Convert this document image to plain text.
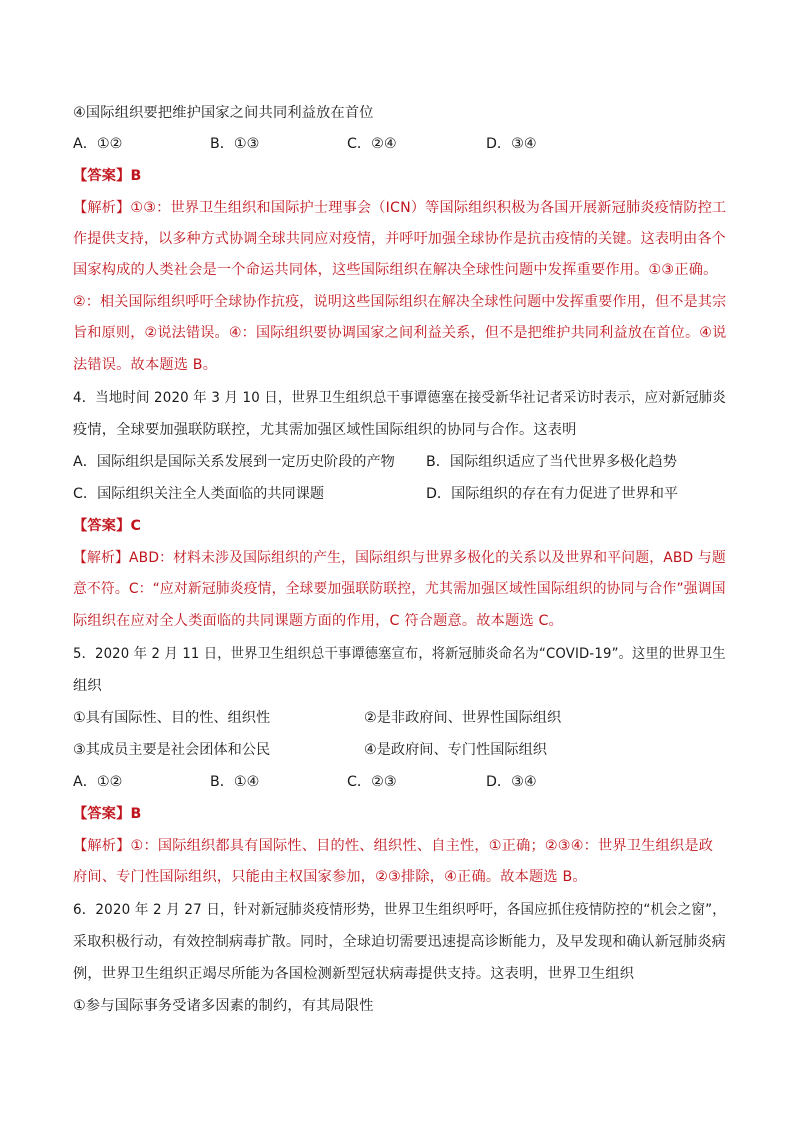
④国际组织要把维护国家之间共同利益放在首位
A．①②	B．①③	C．②④	D．③④
【答案】B
【解析】①③：世界卫生组织和国际护士理事会（ICN）等国际组织积极为各国开展新冠肺炎疫情防控工
作提供支持，以多种方式协调全球共同应对疫情，并呼吁加强全球协作是抗击疫情的关键。这表明由各个
国家构成的人类社会是一个命运共同体，这些国际组织在解决全球性问题中发挥重要作用。①③正确。
②：相关国际组织呼吁全球协作抗疫，说明这些国际组织在解决全球性问题中发挥重要作用，但不是其宗
旨和原则，②说法错误。④：国际组织要协调国家之间利益关系，但不是把维护共同利益放在首位。④说
法错误。故本题选 B。
4．当地时间 2020 年 3 月 10 日，世界卫生组织总干事谭德塞在接受新华社记者采访时表示，应对新冠肺炎
疫情，全球要加强联防联控，尤其需加强区域性国际组织的协同与合作。这表明
A．国际组织是国际关系发展到一定历史阶段的产物 B．国际组织适应了当代世界多极化趋势
C．国际组织关注全人类面临的共同课题	D．国际组织的存在有力促进了世界和平
【答案】C
【解析】ABD：材料未涉及国际组织的产生，国际组织与世界多极化的关系以及世界和平问题，ABD 与题
意不符。C：“应对新冠肺炎疫情，全球要加强联防联控，尤其需加强区域性国际组织的协同与合作”强调国
际组织在应对全人类面临的共同课题方面的作用，C 符合题意。故本题选 C。
5．2020 年 2 月 11 日，世界卫生组织总干事谭德塞宣布，将新冠肺炎命名为“COVID-19”。这里的世界卫生
组织
①具有国际性、目的性、组织性	②是非政府间、世界性国际组织
③其成员主要是社会团体和公民	④是政府间、专门性国际组织
A．①②	B．①④	C．②③	D．③④
【答案】B
【解析】①：国际组织都具有国际性、目的性、组织性、自主性，①正确；②③④：世界卫生组织是政
府间、专门性国际组织，只能由主权国家参加，②③排除，④正确。故本题选 B。
6．2020 年 2 月 27 日，针对新冠肺炎疫情形势，世界卫生组织呼吁，各国应抓住疫情防控的“机会之窗”，
采取积极行动，有效控制病毒扩散。同时，全球迫切需要迅速提高诊断能力，及早发现和确认新冠肺炎病
例，世界卫生组织正竭尽所能为各国检测新型冠状病毒提供支持。这表明，世界卫生组织
①参与国际事务受诸多因素的制约，有其局限性
